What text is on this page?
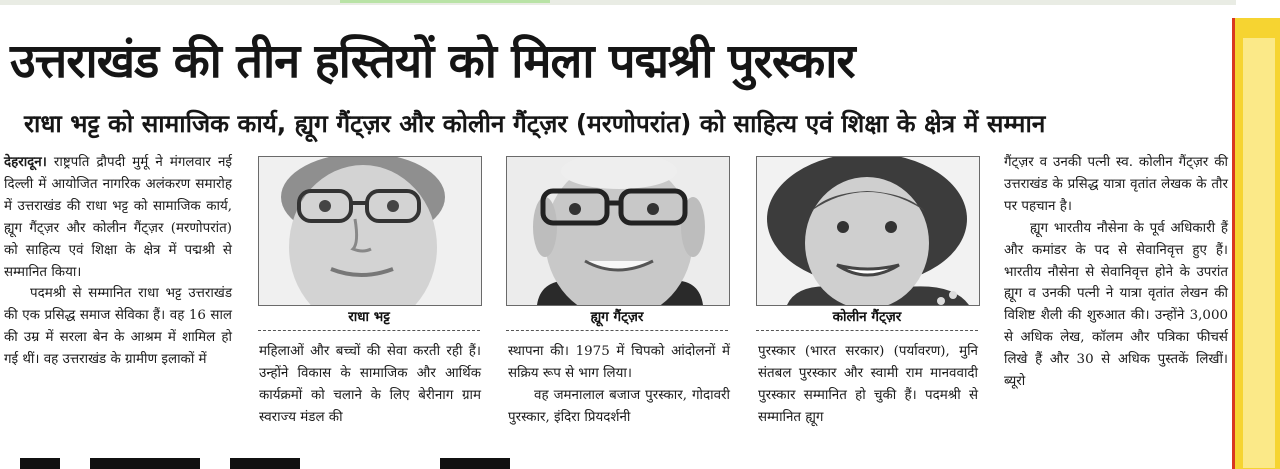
उत्तराखंड की तीन हस्तियों को मिला पद्मश्री पुरस्कार
राधा भट्ट को सामाजिक कार्य, ह्यूग गैंट्ज़र और कोलीन गैंट्ज़र (मरणोपरांत) को साहित्य एवं शिक्षा के क्षेत्र में सम्मान

देहरादून। राष्ट्रपति द्रौपदी मुर्मू ने मंगलवार नई दिल्ली में आयोजित नागरिक अलंकरण समारोह में उत्तराखंड की राधा भट्ट को सामाजिक कार्य, ह्यूग गैंट्ज़र और कोलीन गैंट्ज़र (मरणोपरांत) को साहित्य एवं शिक्षा के क्षेत्र में पद्मश्री से सम्मानित किया।

पदमश्री से सम्मानित राधा भट्ट उत्तराखंड की एक प्रसिद्ध समाज सेविका हैं। वह 16 साल की उम्र में सरला बेन के आश्रम में शामिल हो गई थीं। वह उत्तराखंड के ग्रामीण इलाकों में

राधा भट्ट	ह्यूग गैंट्ज़र	कोलीन गैंट्ज़र

महिलाओं और बच्चों की सेवा करती रही हैं। उन्होंने विकास के सामाजिक और आर्थिक कार्यक्रमों को चलाने के लिए बेरीनाग ग्राम स्वराज्य मंडल की

स्थापना की। 1975 में चिपको आंदोलनों में सक्रिय रूप से भाग लिया।

वह जमनालाल बजाज पुरस्कार, गोदावरी पुरस्कार, इंदिरा प्रियदर्शनी

पुरस्कार (भारत सरकार) (पर्यावरण), मुनि संतबल पुरस्कार और स्वामी राम मानववादी पुरस्कार सम्मानित हो चुकी हैं। पदमश्री से सम्मानित ह्यूग

गैंट्ज़र व उनकी पत्नी स्व. कोलीन गैंट्ज़र की उत्तराखंड के प्रसिद्ध यात्रा वृतांत लेखक के तौर पर पहचान है।

ह्यूग भारतीय नौसेना के पूर्व अधिकारी हैं और कमांडर के पद से सेवानिवृत्त हुए हैं। भारतीय नौसेना से सेवानिवृत्त होने के उपरांत ह्यूग व उनकी पत्नी ने यात्रा वृतांत लेखन की विशिष्ट शैली की शुरुआत की। उन्होंने 3,000 से अधिक लेख, कॉलम और पत्रिका फीचर्स लिखे हैं और 30 से अधिक पुस्तकें लिखीं। ब्यूरो
